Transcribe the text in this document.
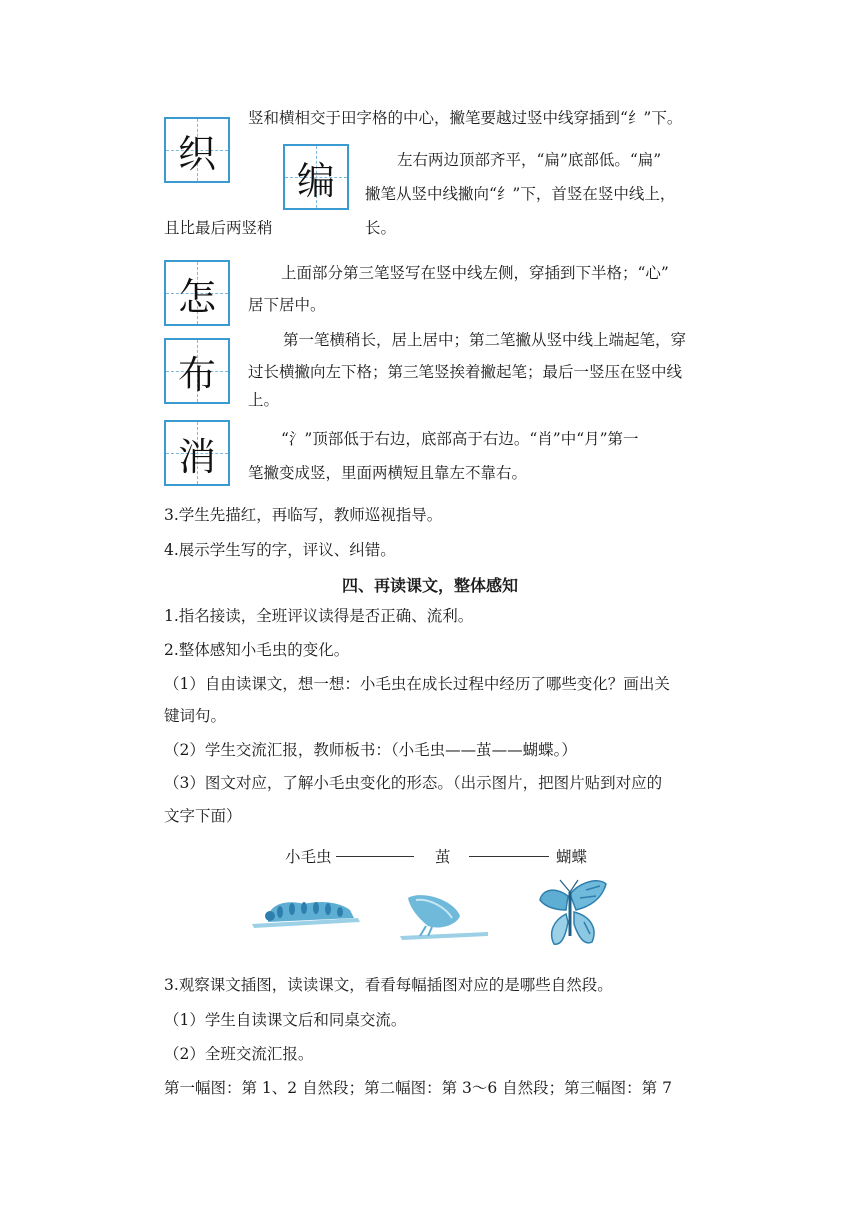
织
编
怎
布
消
竖和横相交于田字格的中心，撇笔要越过竖中线穿插到“纟”下。
左右两边顶部齐平，“扁”底部低。“扁”
撇笔从竖中线撇向“纟”下，首竖在竖中线上，
且比最后两竖稍	长。
上面部分第三笔竖写在竖中线左侧，穿插到下半格；“心”
居下居中。
第一笔横稍长，居上居中；第二笔撇从竖中线上端起笔，穿
过长横撇向左下格；第三笔竖挨着撇起笔；最后一竖压在竖中线
上。
“氵”顶部低于右边，底部高于右边。“肖”中“月”第一
笔撇变成竖，里面两横短且靠左不靠右。
3.学生先描红，再临写，教师巡视指导。
4.展示学生写的字，评议、纠错。
四、再读课文，整体感知
1.指名接读，全班评议读得是否正确、流利。
2.整体感知小毛虫的变化。
（1）自由读课文，想一想：小毛虫在成长过程中经历了哪些变化？画出关
键词句。
（2）学生交流汇报，教师板书：（小毛虫——茧——蝴蝶。）
（3）图文对应，了解小毛虫变化的形态。（出示图片，把图片贴到对应的
文字下面）
小毛虫	茧	蝴蝶
3.观察课文插图，读读课文，看看每幅插图对应的是哪些自然段。
（1）学生自读课文后和同桌交流。
（2）全班交流汇报。
第一幅图：第 1、2 自然段；第二幅图：第 3～6 自然段；第三幅图：第 7
